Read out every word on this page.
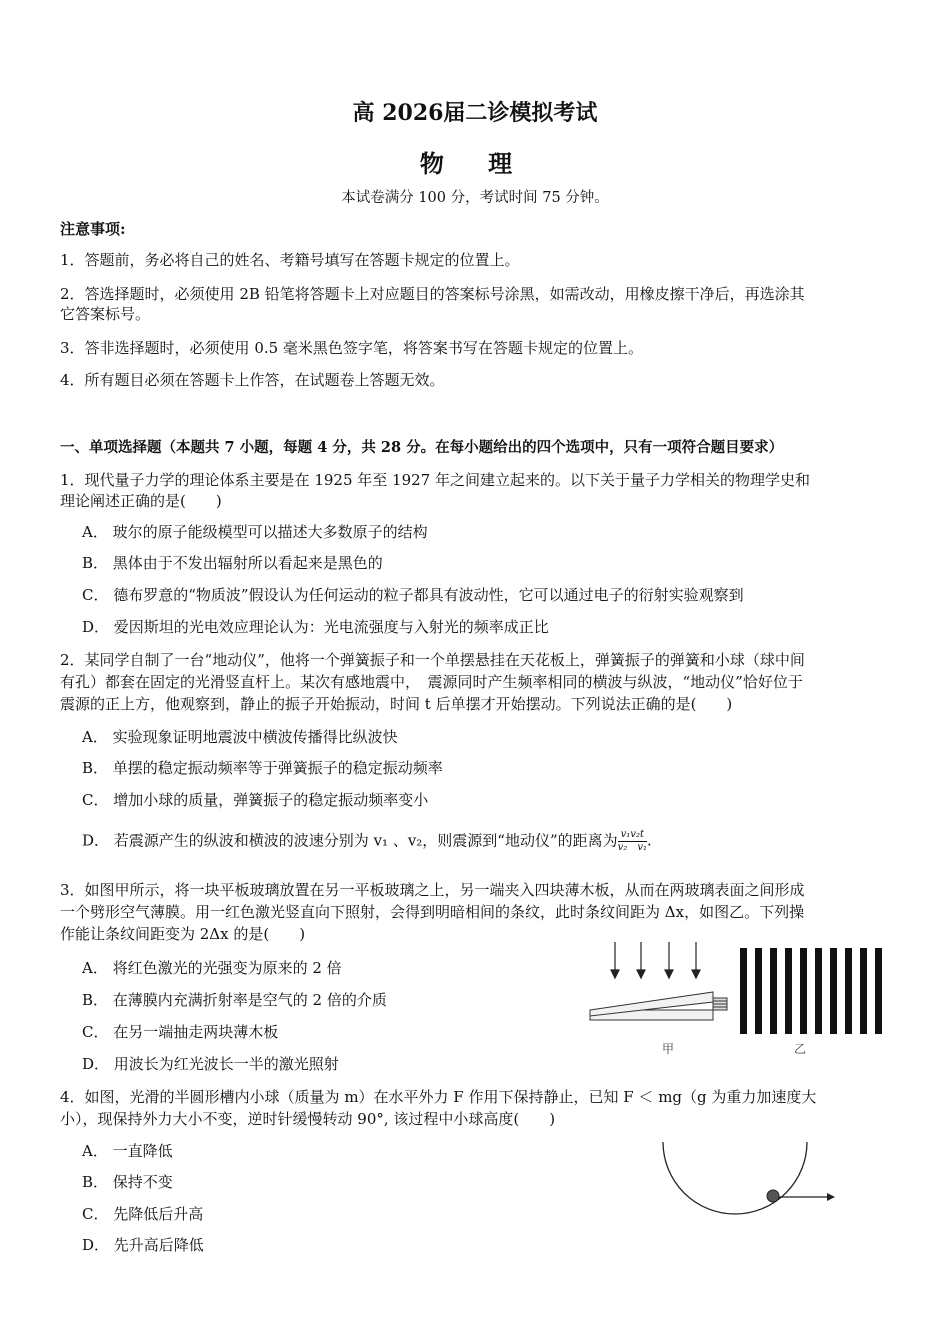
高 2026届二诊模拟考试
物 理
本试卷满分 100 分，考试时间 75 分钟。
注意事项:
1．答题前，务必将自己的姓名、考籍号填写在答题卡规定的位置上。
2．答选择题时，必须使用 2B 铅笔将答题卡上对应题目的答案标号涂黑，如需改动，用橡皮擦干净后，再选涂其
它答案标号。
3．答非选择题时，必须使用 0.5 毫米黑色签字笔，将答案书写在答题卡规定的位置上。
4．所有题目必须在答题卡上作答，在试题卷上答题无效。
一、单项选择题（本题共 7 小题，每题 4 分，共 28 分。在每小题给出的四个选项中，只有一项符合题目要求）
1．现代量子力学的理论体系主要是在 1925 年至 1927 年之间建立起来的。以下关于量子力学相关的物理学史和
理论阐述正确的是(　　)
A． 玻尔的原子能级模型可以描述大多数原子的结构
B． 黑体由于不发出辐射所以看起来是黑色的
C． 德布罗意的“物质波”假设认为任何运动的粒子都具有波动性，它可以通过电子的衍射实验观察到
D． 爱因斯坦的光电效应理论认为：光电流强度与入射光的频率成正比
2．某同学自制了一台“地动仪”，他将一个弹簧振子和一个单摆悬挂在天花板上，弹簧振子的弹簧和小球（球中间
有孔）都套在固定的光滑竖直杆上。某次有感地震中，　震源同时产生频率相同的横波与纵波，“地动仪”恰好位于
震源的正上方，他观察到，静止的振子开始振动，时间 t 后单摆才开始摆动。下列说法正确的是(　　)
A． 实验现象证明地震波中横波传播得比纵波快
B． 单摆的稳定振动频率等于弹簧振子的稳定振动频率
C． 增加小球的质量，弹簧振子的稳定振动频率变小
D． 若震源产生的纵波和横波的波速分别为 v₁ 、v₂，则震源到“地动仪”的距离为 $\frac{\text{v₁v₂t}}{\text{v₂　v₁}}$ .
3．如图甲所示，将一块平板玻璃放置在另一平板玻璃之上，另一端夹入四块薄木板，从而在两玻璃表面之间形成
一个劈形空气薄膜。用一红色激光竖直向下照射，会得到明暗相间的条纹，此时条纹间距为 Δx，如图乙。下列操
作能让条纹间距变为 2Δx 的是(　　)
A． 将红色激光的光强变为原来的 2 倍
B． 在薄膜内充满折射率是空气的 2 倍的介质
C． 在另一端抽走两块薄木板
D． 用波长为红光波长一半的激光照射
甲	乙
4．如图，光滑的半圆形槽内小球（质量为 m）在水平外力 F 作用下保持静止，已知 F ＜ mg（g 为重力加速度大
小），现保持外力大小不变，逆时针缓慢转动 90°, 该过程中小球高度(　　)
A． 一直降低
B． 保持不变
C． 先降低后升高
D． 先升高后降低
